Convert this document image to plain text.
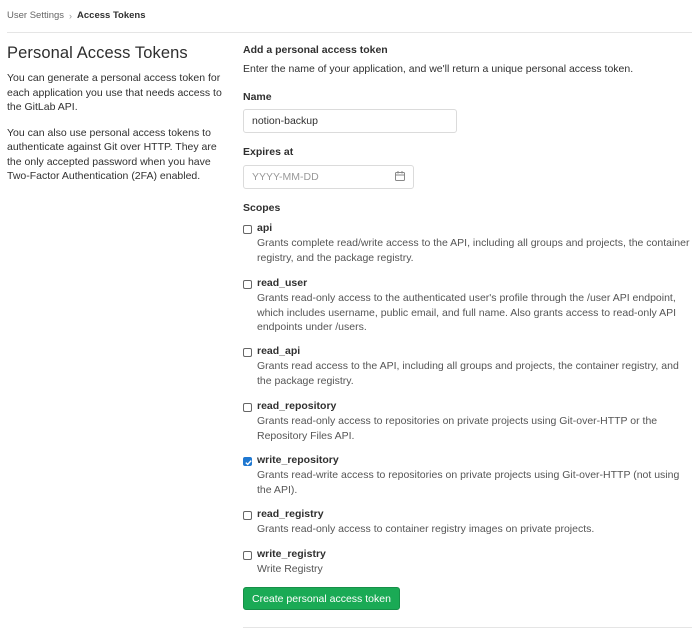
User Settings › Access Tokens
Personal Access Tokens

You can generate a personal access token for each application you use that needs access to the GitLab API.

You can also use personal access tokens to authenticate against Git over HTTP. They are the only accepted password when you have Two-Factor Authentication (2FA) enabled.

Add a personal access token
Enter the name of your application, and we'll return a unique personal access token.
Name
notion-backup
Expires at
YYYY-MM-DD
Scopes
api
Grants complete read/write access to the API, including all groups and projects, the container registry, and the package registry.
read_user
Grants read-only access to the authenticated user's profile through the /user API endpoint, which includes username, public email, and full name. Also grants access to read-only API endpoints under /users.
read_api
Grants read access to the API, including all groups and projects, the container registry, and the package registry.
read_repository
Grants read-only access to repositories on private projects using Git-over-HTTP or the Repository Files API.
write_repository
Grants read-write access to repositories on private projects using Git-over-HTTP (not using the API).
read_registry
Grants read-only access to container registry images on private projects.
write_registry
Write Registry
Create personal access token
